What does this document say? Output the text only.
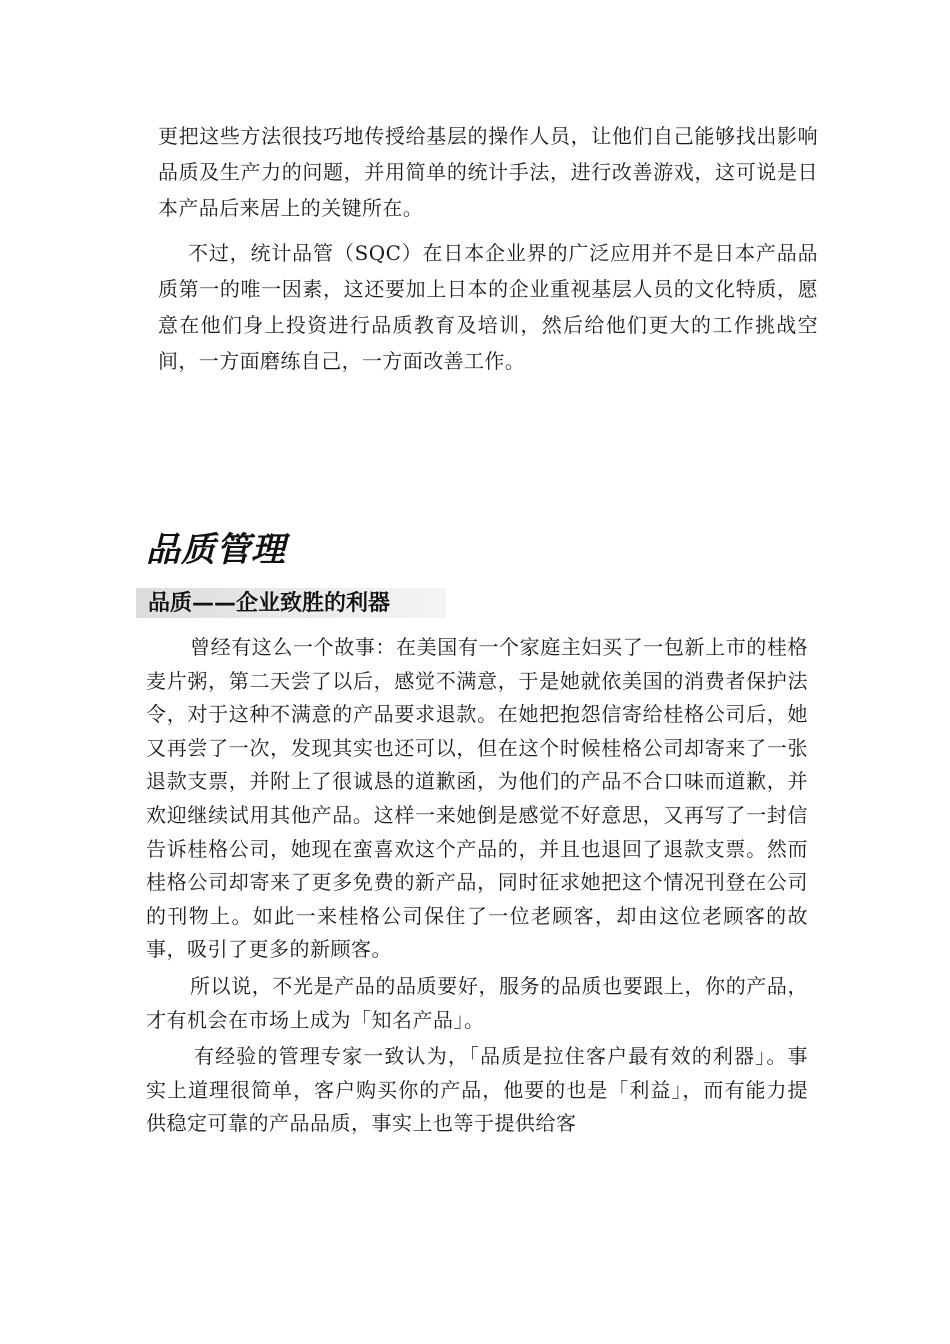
更把这些方法很技巧地传授给基层的操作人员，让他们自己能够找出影响品质及生产力的问题，并用简单的统计手法，进行改善游戏，这可说是日本产品后来居上的关键所在。

不过，统计品管（SQC）在日本企业界的广泛应用并不是日本产品品质第一的唯一因素，这还要加上日本的企业重视基层人员的文化特质，愿意在他们身上投资进行品质教育及培训，然后给他们更大的工作挑战空间，一方面磨练自己，一方面改善工作。

品质管理
品质——企业致胜的利器

曾经有这么一个故事：在美国有一个家庭主妇买了一包新上市的桂格麦片粥，第二天尝了以后，感觉不满意，于是她就依美国的消费者保护法令，对于这种不满意的产品要求退款。在她把抱怨信寄给桂格公司后，她又再尝了一次，发现其实也还可以，但在这个时候桂格公司却寄来了一张退款支票，并附上了很诚恳的道歉函，为他们的产品不合口味而道歉，并欢迎继续试用其他产品。这样一来她倒是感觉不好意思，又再写了一封信告诉桂格公司，她现在蛮喜欢这个产品的，并且也退回了退款支票。然而桂格公司却寄来了更多免费的新产品，同时征求她把这个情况刊登在公司的刊物上。如此一来桂格公司保住了一位老顾客，却由这位老顾客的故事，吸引了更多的新顾客。

所以说，不光是产品的品质要好，服务的品质也要跟上，你的产品，才有机会在市场上成为「知名产品」。

有经验的管理专家一致认为，「品质是拉住客户最有效的利器」。事实上道理很简单，客户购买你的产品，他要的也是「利益」，而有能力提供稳定可靠的产品品质，事实上也等于提供给客
